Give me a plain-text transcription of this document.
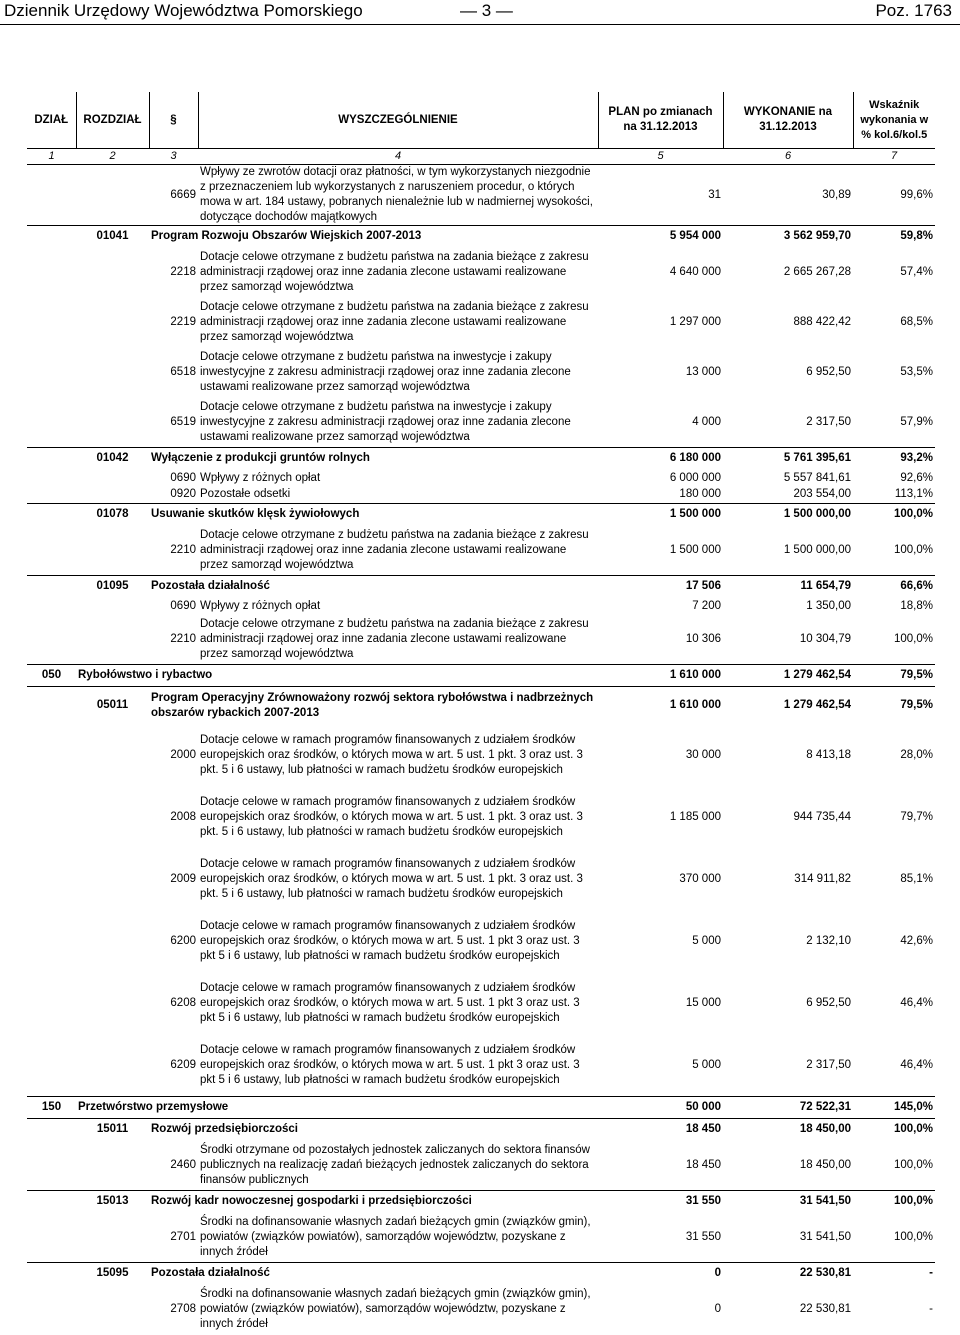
Dziennik Urzędowy Województwa Pomorskiego	— 3 —	Poz. 1763
DZIAŁ	ROZDZIAŁ	§	WYSZCZEGÓLNIENIE	PLAN po zmianach na 31.12.2013	WYKONANIE na 31.12.2013	Wskaźnik wykonania w % kol.6/kol.5
1	2	3	4	5	6	7
		6669	Wpływy ze zwrotów dotacji oraz płatności, w tym wykorzystanych niezgodnie z przeznaczeniem lub wykorzystanych z naruszeniem procedur, o których mowa w art. 184 ustawy, pobranych nienależnie lub w nadmiernej wysokości, dotyczące dochodów majątkowych	31	30,89	99,6%
	01041	Program Rozwoju Obszarów Wiejskich 2007-2013		5 954 000	3 562 959,70	59,8%
		2218	Dotacje celowe otrzymane z budżetu państwa na zadania bieżące z zakresu administracji rządowej oraz inne zadania zlecone ustawami realizowane przez samorząd województwa	4 640 000	2 665 267,28	57,4%
		2219	Dotacje celowe otrzymane z budżetu państwa na zadania bieżące z zakresu administracji rządowej oraz inne zadania zlecone ustawami realizowane przez samorząd województwa	1 297 000	888 422,42	68,5%
		6518	Dotacje celowe otrzymane z budżetu państwa na inwestycje i zakupy inwestycyjne z zakresu administracji rządowej oraz inne zadania zlecone ustawami realizowane przez samorząd województwa	13 000	6 952,50	53,5%
		6519	Dotacje celowe otrzymane z budżetu państwa na inwestycje i zakupy inwestycyjne z zakresu administracji rządowej oraz inne zadania zlecone ustawami realizowane przez samorząd województwa	4 000	2 317,50	57,9%
	01042	Wyłączenie z produkcji gruntów rolnych		6 180 000	5 761 395,61	93,2%
		0690	Wpływy z różnych opłat	6 000 000	5 557 841,61	92,6%
		0920	Pozostałe odsetki	180 000	203 554,00	113,1%
	01078	Usuwanie skutków klęsk żywiołowych		1 500 000	1 500 000,00	100,0%
		2210	Dotacje celowe otrzymane z budżetu państwa na zadania bieżące z zakresu administracji rządowej oraz inne zadania zlecone ustawami realizowane przez samorząd województwa	1 500 000	1 500 000,00	100,0%
	01095	Pozostała działalność		17 506	11 654,79	66,6%
		0690	Wpływy z różnych opłat	7 200	1 350,00	18,8%
		2210	Dotacje celowe otrzymane z budżetu państwa na zadania bieżące z zakresu administracji rządowej oraz inne zadania zlecone ustawami realizowane przez samorząd województwa	10 306	10 304,79	100,0%
050	Rybołówstwo i rybactwo			1 610 000	1 279 462,54	79,5%
	05011	Program Operacyjny Zrównoważony rozwój sektora rybołówstwa i nadbrzeżnych obszarów rybackich 2007-2013		1 610 000	1 279 462,54	79,5%
		2000	Dotacje celowe w ramach programów finansowanych z udziałem środków europejskich oraz środków, o których mowa w art. 5 ust. 1 pkt. 3 oraz ust. 3 pkt. 5 i 6 ustawy, lub płatności w ramach budżetu środków europejskich	30 000	8 413,18	28,0%
		2008	Dotacje celowe w ramach programów finansowanych z udziałem środków europejskich oraz środków, o których mowa w art. 5 ust. 1 pkt. 3 oraz ust. 3 pkt. 5 i 6 ustawy, lub płatności w ramach budżetu środków europejskich	1 185 000	944 735,44	79,7%
		2009	Dotacje celowe w ramach programów finansowanych z udziałem środków europejskich oraz środków, o których mowa w art. 5 ust. 1 pkt. 3 oraz ust. 3 pkt. 5 i 6 ustawy, lub płatności w ramach budżetu środków europejskich	370 000	314 911,82	85,1%
		6200	Dotacje celowe w ramach programów finansowanych z udziałem środków europejskich oraz środków, o których mowa w art. 5 ust. 1 pkt 3 oraz ust. 3 pkt 5 i 6 ustawy, lub płatności w ramach budżetu środków europejskich	5 000	2 132,10	42,6%
		6208	Dotacje celowe w ramach programów finansowanych z udziałem środków europejskich oraz środków, o których mowa w art. 5 ust. 1 pkt 3 oraz ust. 3 pkt 5 i 6 ustawy, lub płatności w ramach budżetu środków europejskich	15 000	6 952,50	46,4%
		6209	Dotacje celowe w ramach programów finansowanych z udziałem środków europejskich oraz środków, o których mowa w art. 5 ust. 1 pkt 3 oraz ust. 3 pkt 5 i 6 ustawy, lub płatności w ramach budżetu środków europejskich	5 000	2 317,50	46,4%
150	Przetwórstwo przemysłowe			50 000	72 522,31	145,0%
	15011	Rozwój przedsiębiorczości		18 450	18 450,00	100,0%
		2460	Środki otrzymane od pozostałych jednostek zaliczanych do sektora finansów publicznych na realizację zadań bieżących jednostek zaliczanych do sektora finansów publicznych	18 450	18 450,00	100,0%
	15013	Rozwój kadr nowoczesnej gospodarki i przedsiębiorczości		31 550	31 541,50	100,0%
		2701	Środki na dofinansowanie własnych zadań bieżących gmin (związków gmin), powiatów (związków powiatów), samorządów województw, pozyskane z innych źródeł	31 550	31 541,50	100,0%
	15095	Pozostała działalność		0	22 530,81	-
		2708	Środki na dofinansowanie własnych zadań bieżących gmin (związków gmin), powiatów (związków powiatów), samorządów województw, pozyskane z innych źródeł	0	22 530,81	-
